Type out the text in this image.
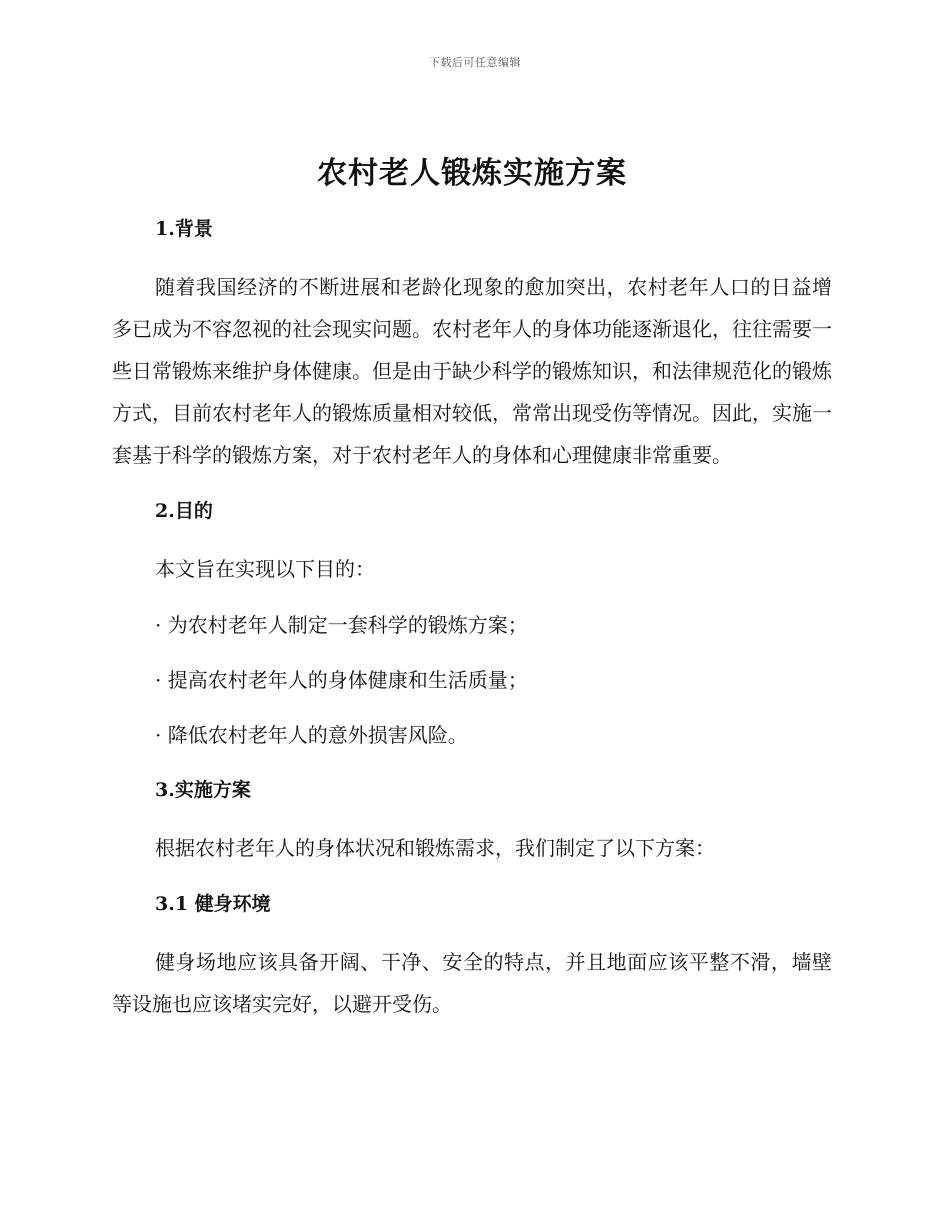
下载后可任意编辑
农村老人锻炼实施方案
1.背景

随着我国经济的不断进展和老龄化现象的愈加突出，农村老年人口的日益增多已成为不容忽视的社会现实问题。农村老年人的身体功能逐渐退化，往往需要一些日常锻炼来维护身体健康。但是由于缺少科学的锻炼知识，和法律规范化的锻炼方式，目前农村老年人的锻炼质量相对较低，常常出现受伤等情况。因此，实施一套基于科学的锻炼方案，对于农村老年人的身体和心理健康非常重要。

2.目的

本文旨在实现以下目的：

· 为农村老年人制定一套科学的锻炼方案；
· 提高农村老年人的身体健康和生活质量；
· 降低农村老年人的意外损害风险。
3.实施方案

根据农村老年人的身体状况和锻炼需求，我们制定了以下方案：

3.1 健身环境

健身场地应该具备开阔、干净、安全的特点，并且地面应该平整不滑，墙壁等设施也应该堵实完好，以避开受伤。
